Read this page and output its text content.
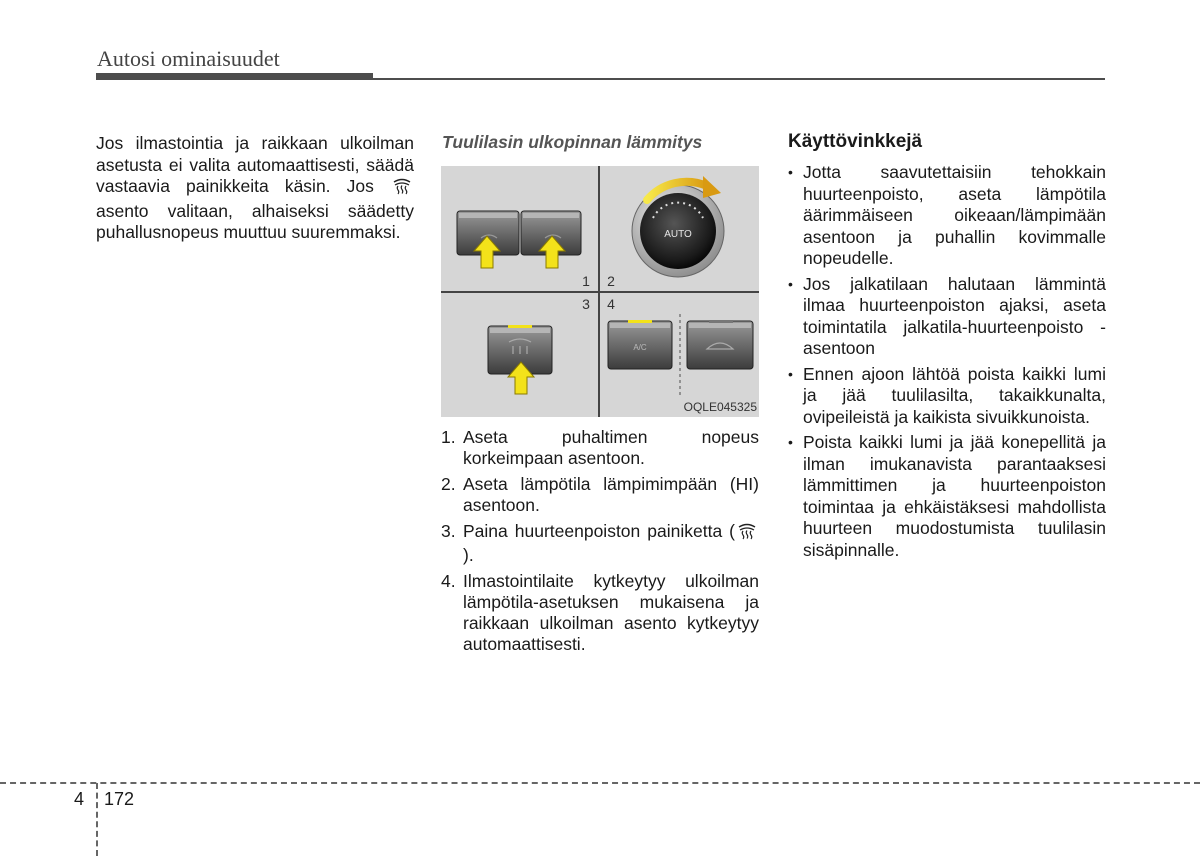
Autosi ominaisuudet

Jos ilmastointia ja raikkaan ulkoilman asetusta ei valita automaattisesti, säädä vastaavia painikkeita käsin. Jos  asento valitaan, alhaiseksi säädetty puhallusnopeus muuttuu suuremmaksi.

Tuulilasin ulkopinnan lämmitys
AUTO
1 2
3 4
A/C
OQLE045325
1. Aseta puhaltimen nopeus korkeimpaan asentoon.
2. Aseta lämpötila lämpimimpään (HI) asentoon.
3. Paina huurteenpoiston painiketta ().
4. Ilmastointilaite kytkeytyy ulkoilman lämpötila-asetuksen mukaisena ja raikkaan ulkoilman asento kytkeytyy automaattisesti.
Käyttövinkkejä
• Jotta saavutettaisiin tehokkain huurteenpoisto, aseta lämpötila äärimmäiseen oikeaan/lämpimään asentoon ja puhallin kovimmalle nopeudelle.
• Jos jalkatilaan halutaan lämmintä ilmaa huurteenpoiston ajaksi, aseta toimintatila jalkatila-huurteenpoisto -asentoon
• Ennen ajoon lähtöä poista kaikki lumi ja jää tuulilasilta, takaikkunalta, ovipeileistä ja kaikista sivuikkunoista.
• Poista kaikki lumi ja jää konepellitä ja ilman imukanavista parantaaksesi lämmittimen ja huurteenpoiston toimintaa ja ehkäistäksesi mahdollista huurteen muodostumista tuulilasin sisäpinnalle.
4 172
